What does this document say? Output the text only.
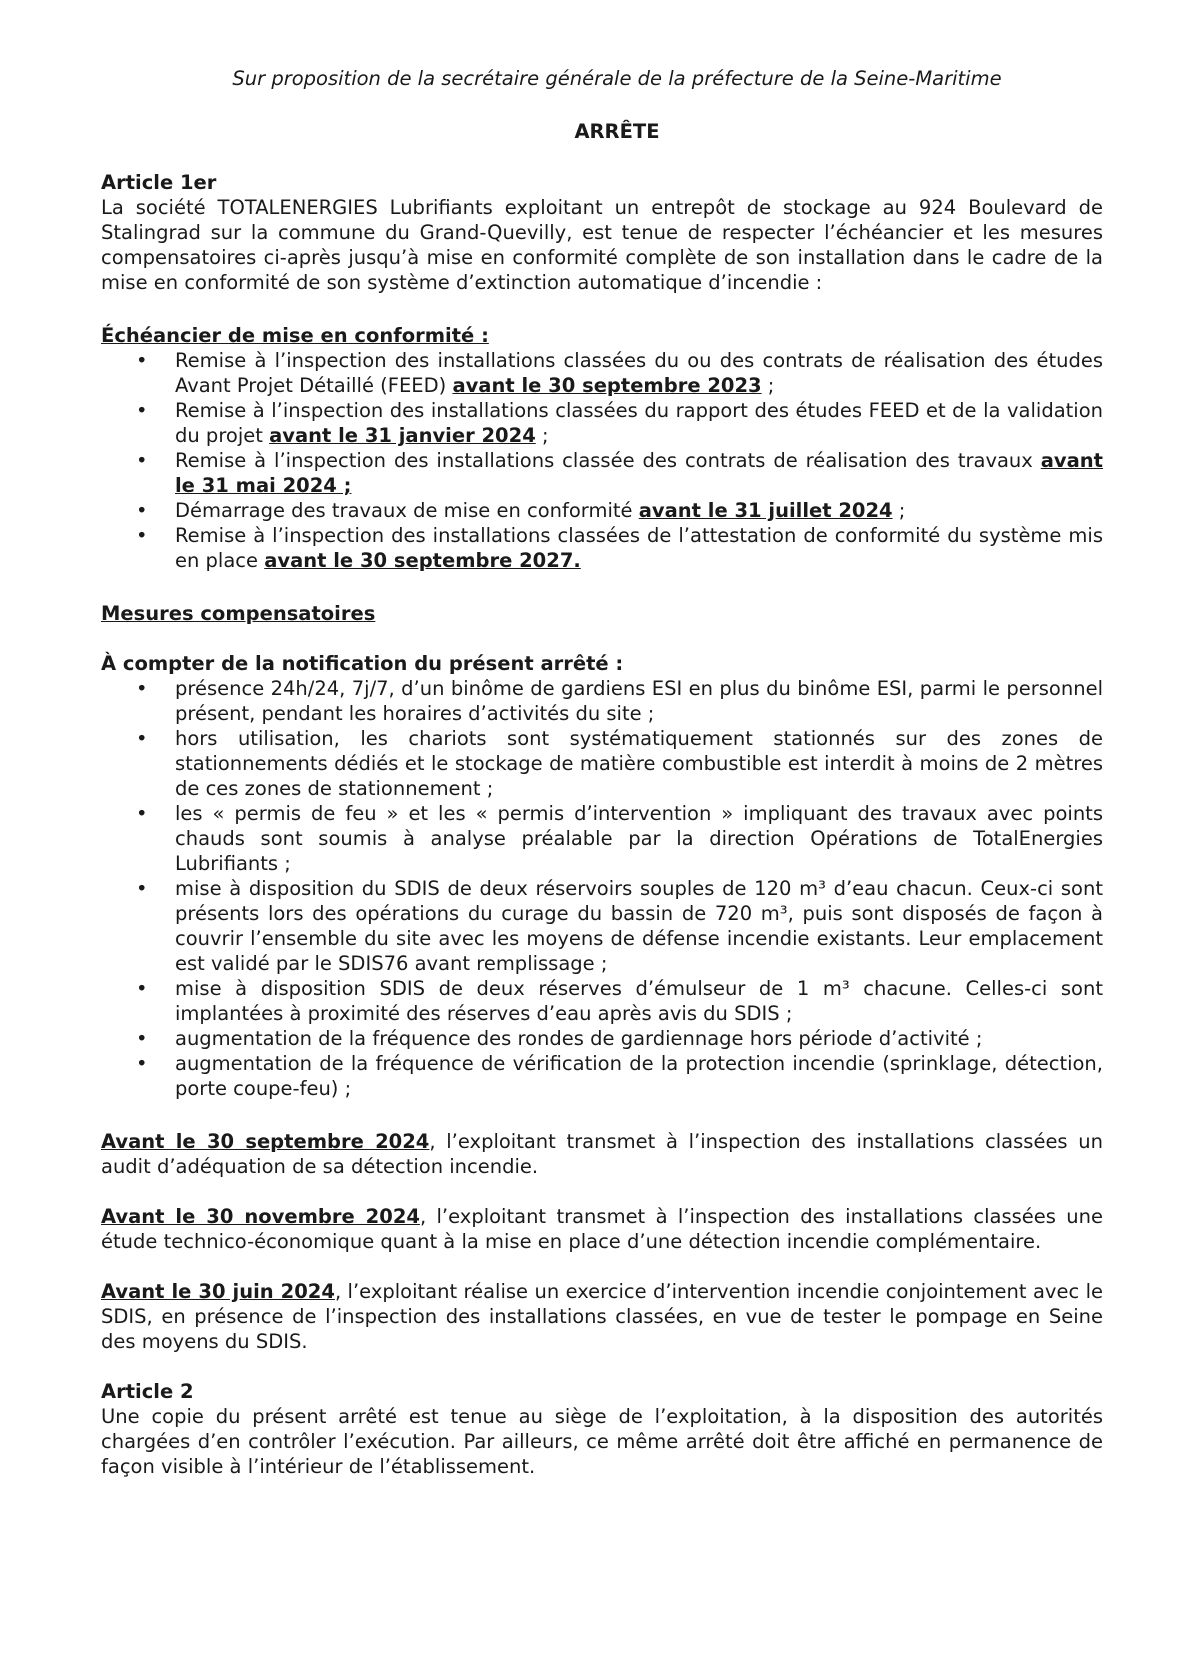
Sur proposition de la secrétaire générale de la préfecture de la Seine-Maritime
ARRÊTE
Article 1er

La société TOTALENERGIES Lubrifiants exploitant un entrepôt de stockage au 924 Boulevard de Stalingrad sur la commune du Grand-Quevilly, est tenue de respecter l’échéancier et les mesures compensatoires ci-après jusqu’à mise en conformité complète de son installation dans le cadre de la mise en conformité de son système d’extinction automatique d’incendie :

Échéancier de mise en conformité :
• Remise à l’inspection des installations classées du ou des contrats de réalisation des études Avant Projet Détaillé (FEED) avant le 30 septembre 2023 ;
• Remise à l’inspection des installations classées du rapport des études FEED et de la validation du projet avant le 31 janvier 2024 ;
• Remise à l’inspection des installations classée des contrats de réalisation des travaux avant le 31 mai 2024 ;
• Démarrage des travaux de mise en conformité avant le 31 juillet 2024 ;
• Remise à l’inspection des installations classées de l’attestation de conformité du système mis en place avant le 30 septembre 2027.
Mesures compensatoires
À compter de la notification du présent arrêté :
• présence 24h/24, 7j/7, d’un binôme de gardiens ESI en plus du binôme ESI, parmi le personnel présent, pendant les horaires d’activités du site ;
• hors utilisation, les chariots sont systématiquement stationnés sur des zones de stationnements dédiés et le stockage de matière combustible est interdit à moins de 2 mètres de ces zones de stationnement ;
• les « permis de feu » et les « permis d’intervention » impliquant des travaux avec points chauds sont soumis à analyse préalable par la direction Opérations de TotalEnergies Lubrifiants ;
• mise à disposition du SDIS de deux réservoirs souples de 120 m³ d’eau chacun. Ceux-ci sont présents lors des opérations du curage du bassin de 720 m³, puis sont disposés de façon à couvrir l’ensemble du site avec les moyens de défense incendie existants. Leur emplacement est validé par le SDIS76 avant remplissage ;
• mise à disposition SDIS de deux réserves d’émulseur de 1 m³ chacune. Celles-ci sont implantées à proximité des réserves d’eau après avis du SDIS ;
• augmentation de la fréquence des rondes de gardiennage hors période d’activité ;
• augmentation de la fréquence de vérification de la protection incendie (sprinklage, détection, porte coupe-feu) ;

Avant le 30 septembre 2024, l’exploitant transmet à l’inspection des installations classées un audit d’adéquation de sa détection incendie.

Avant le 30 novembre 2024, l’exploitant transmet à l’inspection des installations classées une étude technico-économique quant à la mise en place d’une détection incendie complémentaire.

Avant le 30 juin 2024, l’exploitant réalise un exercice d’intervention incendie conjointement avec le SDIS, en présence de l’inspection des installations classées, en vue de tester le pompage en Seine des moyens du SDIS.

Article 2

Une copie du présent arrêté est tenue au siège de l’exploitation, à la disposition des autorités chargées d’en contrôler l’exécution. Par ailleurs, ce même arrêté doit être affiché en permanence de façon visible à l’intérieur de l’établissement.
